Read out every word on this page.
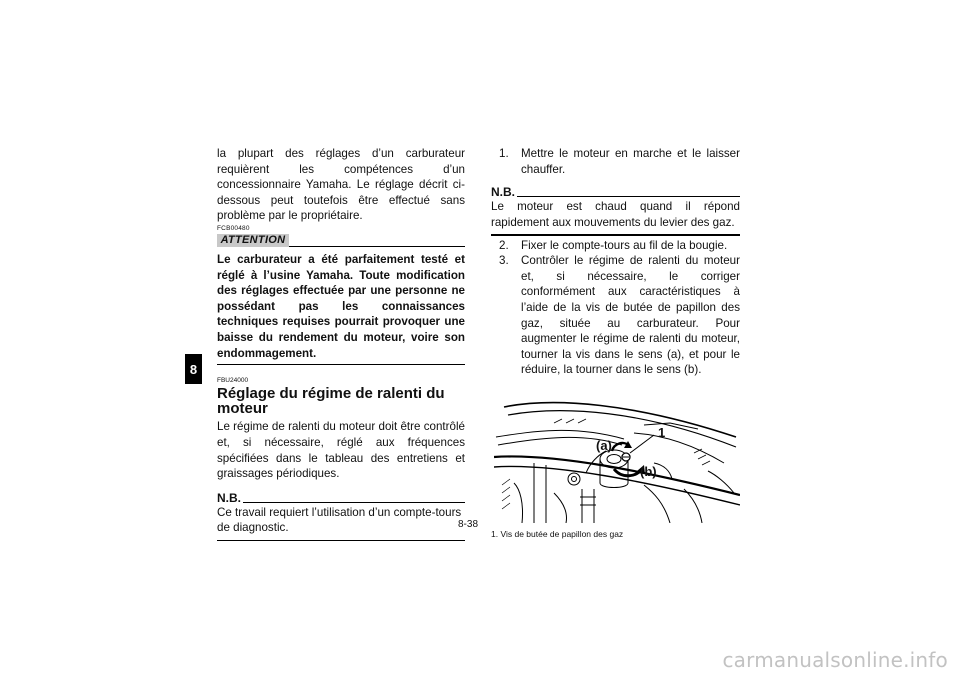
8

la plupart des réglages d’un carburateur requièrent les compétences d’un concessionnaire Yamaha. Le réglage décrit ci-dessous peut toutefois être effectué sans problème par le propriétaire.

FCB00480
ATTENTION

Le carburateur a été parfaitement testé et réglé à l’usine Yamaha. Toute modification des réglages effectuée par une personne ne possédant pas les connaissances techniques requises pourrait provoquer une baisse du rendement du moteur, voire son endommagement.

FBU24000
Réglage du régime de ralenti du moteur

Le régime de ralenti du moteur doit être contrôlé et, si nécessaire, réglé aux fréquences spécifiées dans le tableau des entretiens et graissages périodiques.

N.B.

Ce travail requiert l’utilisation d’un compte-tours de diagnostic.

1.	Mettre le moteur en marche et le laisser chauffer.
N.B.

Le moteur est chaud quand il répond rapidement aux mouvements du levier des gaz.

2.	Fixer le compte-tours au fil de la bougie.
3.	Contrôler le régime de ralenti du moteur et, si nécessaire, le corriger conformément aux caractéristiques à l’aide de la vis de butée de papillon des gaz, située au carburateur. Pour augmenter le régime de ralenti du moteur, tourner la vis dans le sens (a), et pour le réduire, la tourner dans le sens (b).
1
(a)
(b)
1. Vis de butée de papillon des gaz
8-38
carmanualsonline.info
